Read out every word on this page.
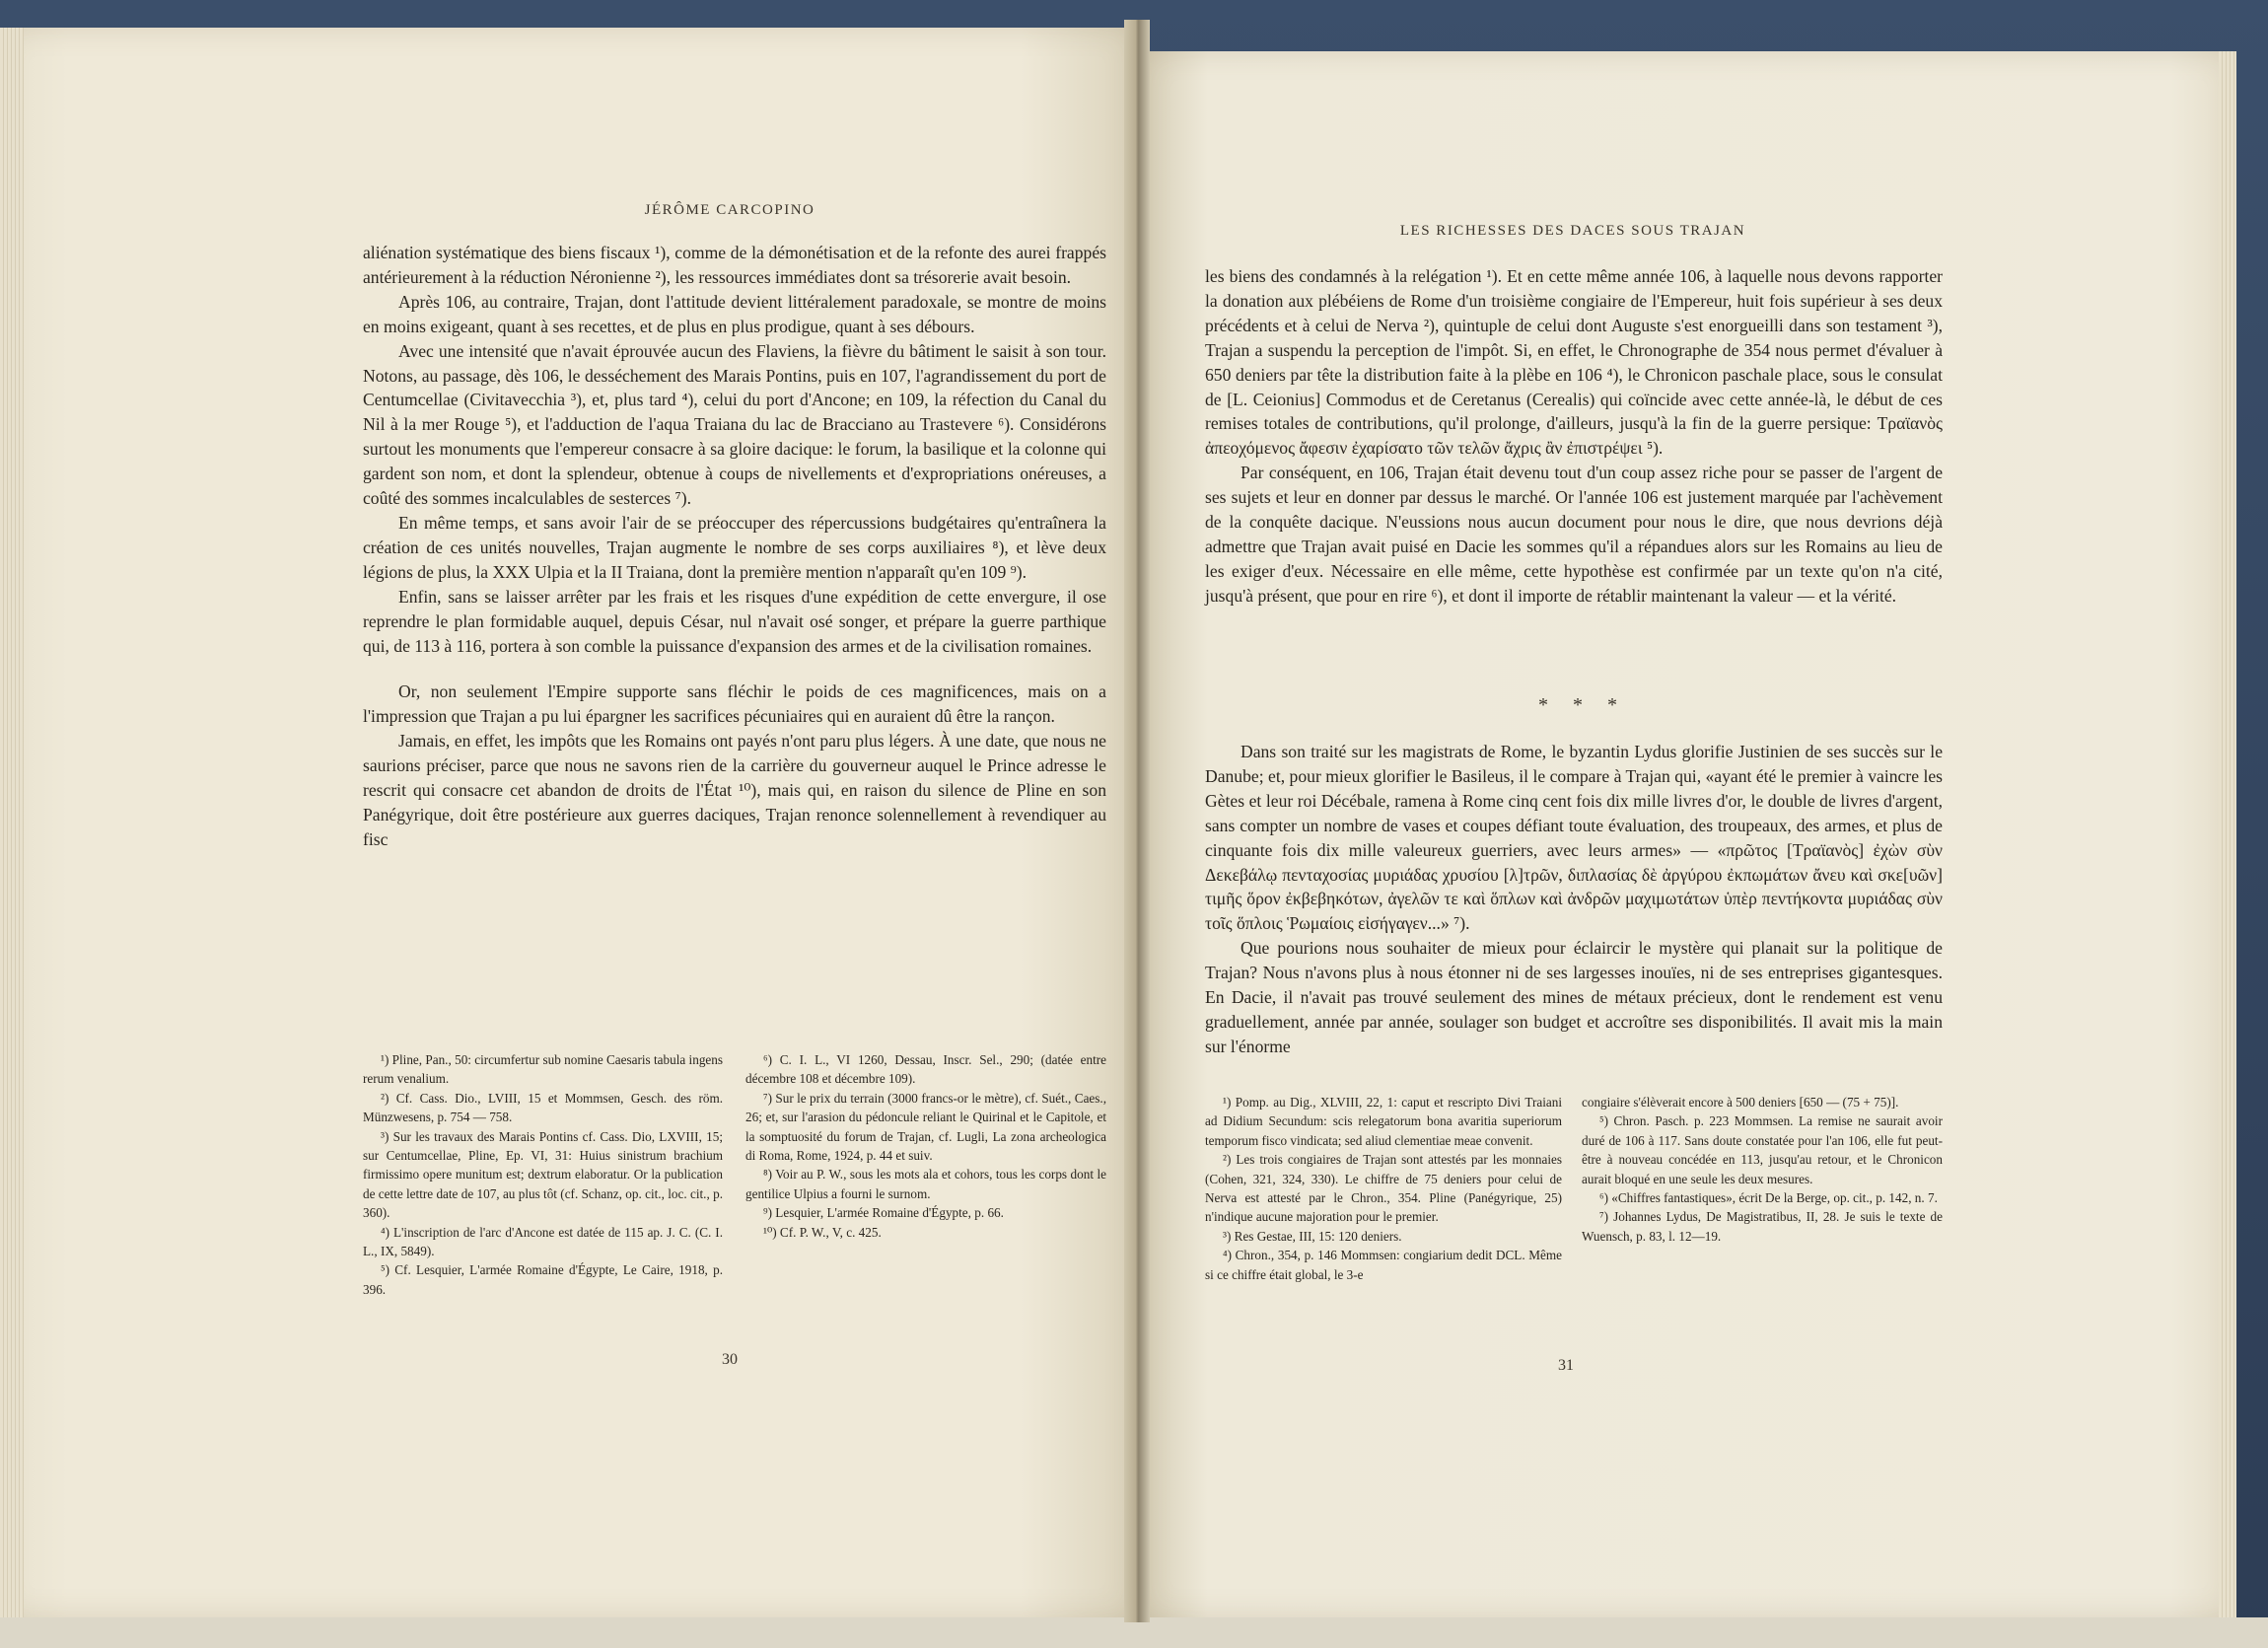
JÉRÔME CARCOPINO

aliénation systématique des biens fiscaux ¹), comme de la démonétisation et de la refonte des aurei frappés antérieurement à la réduction Néronienne ²), les ressources immédiates dont sa trésorerie avait besoin.

Après 106, au contraire, Trajan, dont l'attitude devient littéralement paradoxale, se montre de moins en moins exigeant, quant à ses recettes, et de plus en plus prodigue, quant à ses débours.

Avec une intensité que n'avait éprouvée aucun des Flaviens, la fièvre du bâtiment le saisit à son tour. Notons, au passage, dès 106, le desséchement des Marais Pontins, puis en 107, l'agrandissement du port de Centumcellae (Civitavecchia ³), et, plus tard ⁴), celui du port d'Ancone; en 109, la réfection du Canal du Nil à la mer Rouge ⁵), et l'adduction de l'aqua Traiana du lac de Bracciano au Trastevere ⁶). Considérons surtout les monuments que l'empereur consacre à sa gloire dacique: le forum, la basilique et la colonne qui gardent son nom, et dont la splendeur, obtenue à coups de nivellements et d'expropriations onéreuses, a coûté des sommes incalculables de sesterces ⁷).

En même temps, et sans avoir l'air de se préoccuper des répercussions budgétaires qu'entraînera la création de ces unités nouvelles, Trajan augmente le nombre de ses corps auxiliaires ⁸), et lève deux légions de plus, la XXX Ulpia et la II Traiana, dont la première mention n'apparaît qu'en 109 ⁹).

Enfin, sans se laisser arrêter par les frais et les risques d'une expédition de cette envergure, il ose reprendre le plan formidable auquel, depuis César, nul n'avait osé songer, et prépare la guerre parthique qui, de 113 à 116, portera à son comble la puissance d'expansion des armes et de la civilisation romaines.

Or, non seulement l'Empire supporte sans fléchir le poids de ces magnificences, mais on a l'impression que Trajan a pu lui épargner les sacrifices pécuniaires qui en auraient dû être la rançon.

Jamais, en effet, les impôts que les Romains ont payés n'ont paru plus légers. À une date, que nous ne saurions préciser, parce que nous ne savons rien de la carrière du gouverneur auquel le Prince adresse le rescrit qui consacre cet abandon de droits de l'État ¹⁰), mais qui, en raison du silence de Pline en son Panégyrique, doit être postérieure aux guerres daciques, Trajan renonce solennellement à revendiquer au fisc

¹) Pline, Pan., 50: circumfertur sub nomine Caesaris tabula ingens rerum venalium.

²) Cf. Cass. Dio., LVIII, 15 et Mommsen, Gesch. des röm. Münzwesens, p. 754 — 758.

³) Sur les travaux des Marais Pontins cf. Cass. Dio, LXVIII, 15; sur Centumcellae, Pline, Ep. VI, 31: Huius sinistrum brachium firmissimo opere munitum est; dextrum elaboratur. Or la publication de cette lettre date de 107, au plus tôt (cf. Schanz, op. cit., loc. cit., p. 360).

⁴) L'inscription de l'arc d'Ancone est datée de 115 ap. J. C. (C. I. L., IX, 5849).

⁵) Cf. Lesquier, L'armée Romaine d'Égypte, Le Caire, 1918, p. 396.

⁶) C. I. L., VI 1260, Dessau, Inscr. Sel., 290; (datée entre décembre 108 et décembre 109).

⁷) Sur le prix du terrain (3000 francs-or le mètre), cf. Suét., Caes., 26; et, sur l'arasion du pédoncule reliant le Quirinal et le Capitole, et la somptuosité du forum de Trajan, cf. Lugli, La zona archeologica di Roma, Rome, 1924, p. 44 et suiv.

⁸) Voir au P. W., sous les mots ala et cohors, tous les corps dont le gentilice Ulpius a fourni le surnom.

⁹) Lesquier, L'armée Romaine d'Égypte, p. 66.

¹⁰) Cf. P. W., V, c. 425.

30
LES RICHESSES DES DACES SOUS TRAJAN

les biens des condamnés à la relégation ¹). Et en cette même année 106, à laquelle nous devons rapporter la donation aux plébéiens de Rome d'un troisième congiaire de l'Empereur, huit fois supérieur à ses deux précédents et à celui de Nerva ²), quintuple de celui dont Auguste s'est enorgueilli dans son testament ³), Trajan a suspendu la perception de l'impôt. Si, en effet, le Chronographe de 354 nous permet d'évaluer à 650 deniers par tête la distribution faite à la plèbe en 106 ⁴), le Chronicon paschale place, sous le consulat de [L. Ceionius] Commodus et de Ceretanus (Cerealis) qui coïncide avec cette année-là, le début de ces remises totales de contributions, qu'il prolonge, d'ailleurs, jusqu'à la fin de la guerre persique: Τραϊανὸς ἀπεοχόμενος ἄφεσιν ἐχαρίσατο τῶν τελῶν ἄχρις ἂν ἐπιστρέψει ⁵).

Par conséquent, en 106, Trajan était devenu tout d'un coup assez riche pour se passer de l'argent de ses sujets et leur en donner par dessus le marché. Or l'année 106 est justement marquée par l'achèvement de la conquête dacique. N'eussions nous aucun document pour nous le dire, que nous devrions déjà admettre que Trajan avait puisé en Dacie les sommes qu'il a répandues alors sur les Romains au lieu de les exiger d'eux. Nécessaire en elle même, cette hypothèse est confirmée par un texte qu'on n'a cité, jusqu'à présent, que pour en rire ⁶), et dont il importe de rétablir maintenant la valeur — et la vérité.

* * *

Dans son traité sur les magistrats de Rome, le byzantin Lydus glorifie Justinien de ses succès sur le Danube; et, pour mieux glorifier le Basileus, il le compare à Trajan qui, «ayant été le premier à vaincre les Gètes et leur roi Décébale, ramena à Rome cinq cent fois dix mille livres d'or, le double de livres d'argent, sans compter un nombre de vases et coupes défiant toute évaluation, des troupeaux, des armes, et plus de cinquante fois dix mille valeureux guerriers, avec leurs armes» — «πρῶτος [Τραϊανὸς] ἐχὼν σὺν Δεκεβάλῳ πενταχοσίας μυριάδας χρυσίου [λ]τρῶν, διπλασίας δὲ ἀργύρου ἐκπωμάτων ἄνευ καὶ σκε[υῶν] τιμῆς ὅρον ἐκβεβηκότων, ἀγελῶν τε καὶ ὅπλων καὶ ἀνδρῶν μαχιμωτάτων ὑπὲρ πεντήκοντα μυριάδας σὺν τοῖς ὅπλοις Ῥωμαίοις εἰσήγαγεν...» ⁷).

Que pourions nous souhaiter de mieux pour éclaircir le mystère qui planait sur la politique de Trajan? Nous n'avons plus à nous étonner ni de ses largesses inouïes, ni de ses entreprises gigantesques. En Dacie, il n'avait pas trouvé seulement des mines de métaux précieux, dont le rendement est venu graduellement, année par année, soulager son budget et accroître ses disponibilités. Il avait mis la main sur l'énorme

¹) Pomp. au Dig., XLVIII, 22, 1: caput et rescripto Divi Traiani ad Didium Secundum: scis relegatorum bona avaritia superiorum temporum fisco vindicata; sed aliud clementiae meae convenit.

²) Les trois congiaires de Trajan sont attestés par les monnaies (Cohen, 321, 324, 330). Le chiffre de 75 deniers pour celui de Nerva est attesté par le Chron., 354. Pline (Panégyrique, 25) n'indique aucune majoration pour le premier.

³) Res Gestae, III, 15: 120 deniers.

⁴) Chron., 354, p. 146 Mommsen: congiarium dedit DCL. Même si ce chiffre était global, le 3-e

congiaire s'élèverait encore à 500 deniers [650 — (75 + 75)].

⁵) Chron. Pasch. p. 223 Mommsen. La remise ne saurait avoir duré de 106 à 117. Sans doute constatée pour l'an 106, elle fut peut-être à nouveau concédée en 113, jusqu'au retour, et le Chronicon aurait bloqué en une seule les deux mesures.

⁶) «Chiffres fantastiques», écrit De la Berge, op. cit., p. 142, n. 7.

⁷) Johannes Lydus, De Magistratibus, II, 28. Je suis le texte de Wuensch, p. 83, l. 12—19.

31
